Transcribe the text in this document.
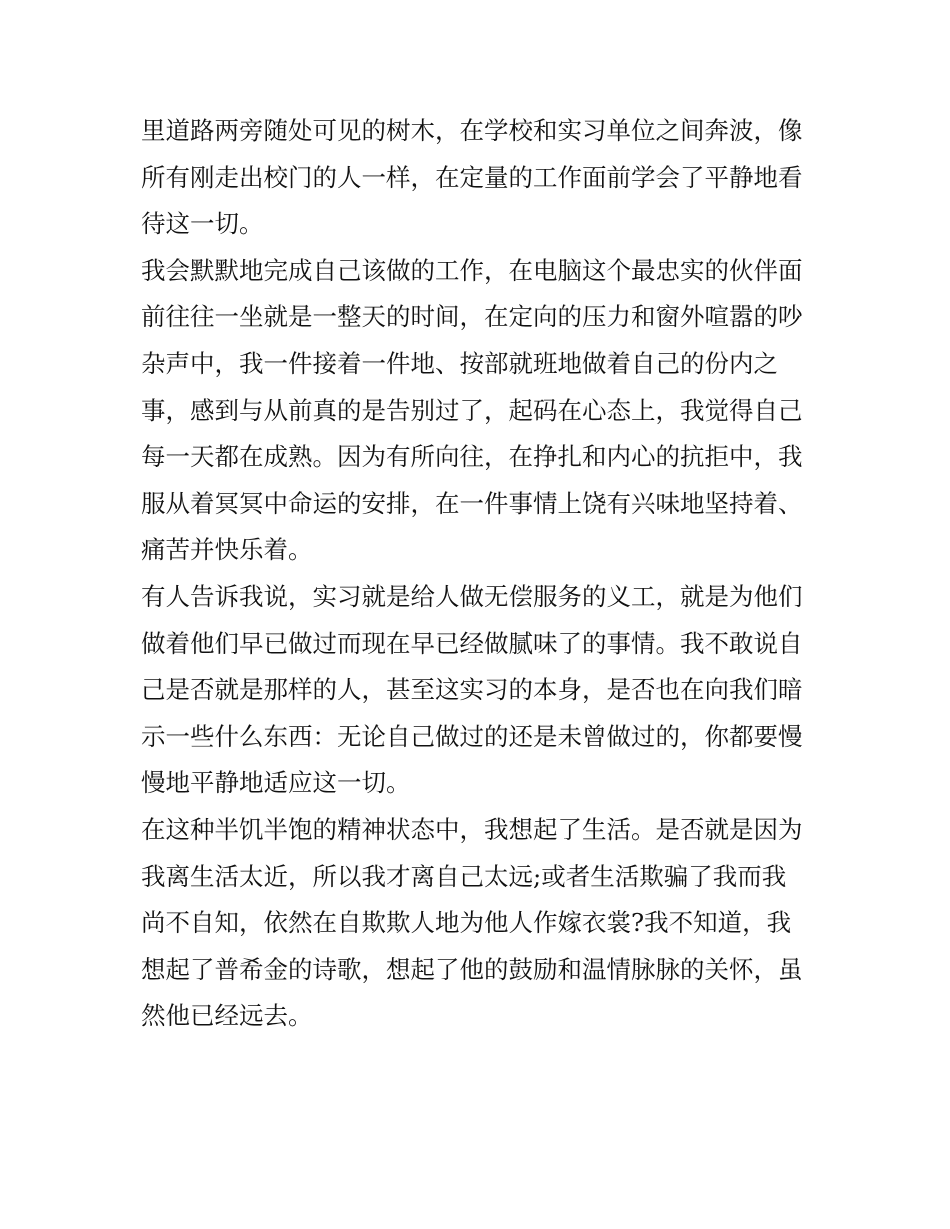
里道路两旁随处可见的树木，在学校和实习单位之间奔波，像
所有刚走出校门的人一样，在定量的工作面前学会了平静地看
待这一切。
我会默默地完成自己该做的工作，在电脑这个最忠实的伙伴面
前往往一坐就是一整天的时间，在定向的压力和窗外喧嚣的吵
杂声中，我一件接着一件地、按部就班地做着自己的份内之
事，感到与从前真的是告别过了，起码在心态上，我觉得自己
每一天都在成熟。因为有所向往，在挣扎和内心的抗拒中，我
服从着冥冥中命运的安排，在一件事情上饶有兴味地坚持着、
痛苦并快乐着。
有人告诉我说，实习就是给人做无偿服务的义工，就是为他们
做着他们早已做过而现在早已经做腻味了的事情。我不敢说自
己是否就是那样的人，甚至这实习的本身，是否也在向我们暗
示一些什么东西：无论自己做过的还是未曾做过的，你都要慢
慢地平静地适应这一切。
在这种半饥半饱的精神状态中，我想起了生活。是否就是因为
我离生活太近，所以我才离自己太远;或者生活欺骗了我而我
尚不自知，依然在自欺欺人地为他人作嫁衣裳?我不知道，我
想起了普希金的诗歌，想起了他的鼓励和温情脉脉的关怀，虽
然他已经远去。
